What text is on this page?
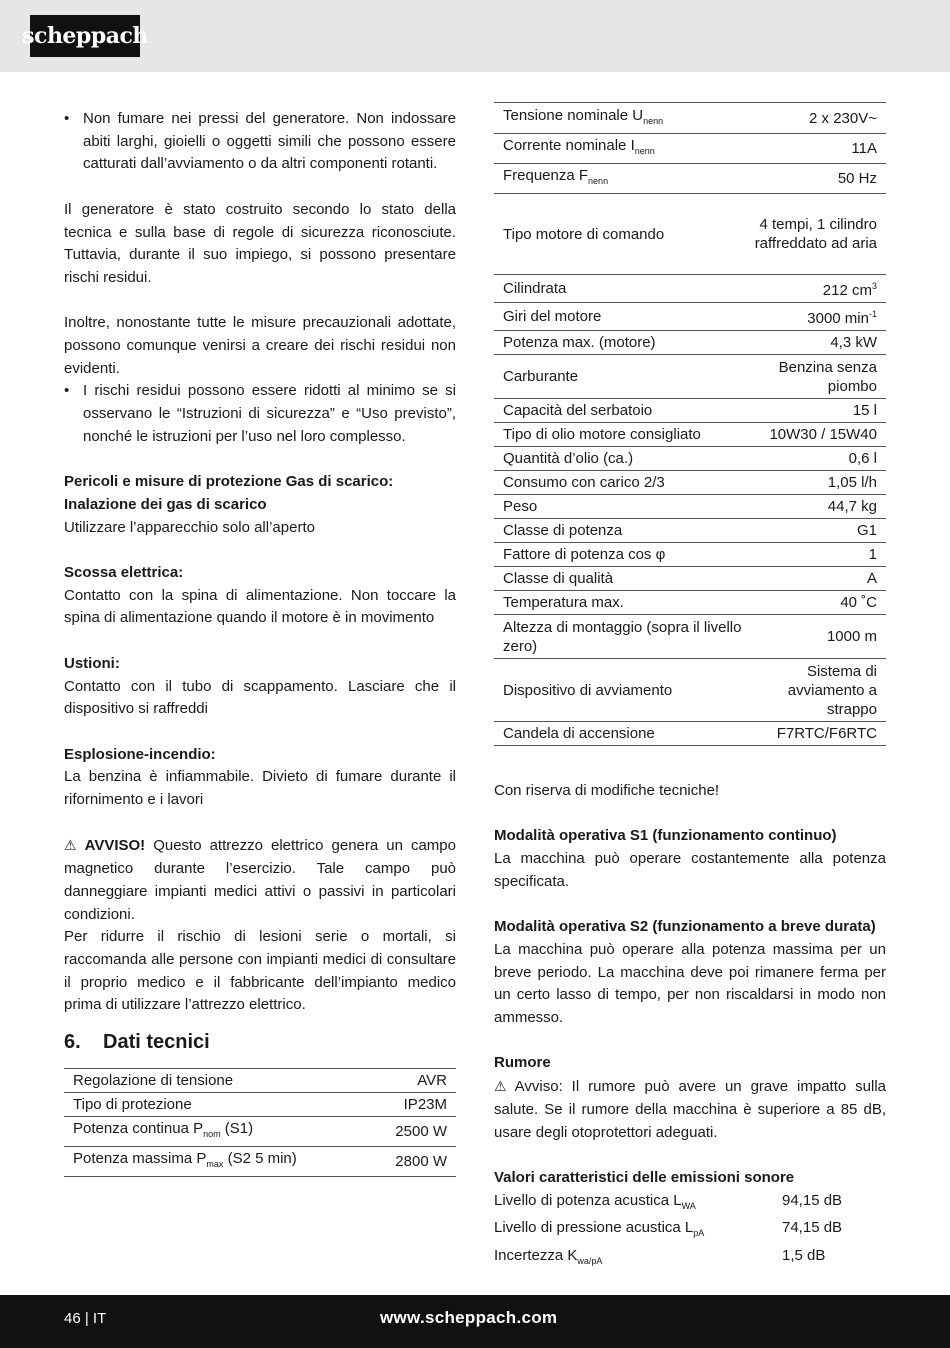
scheppach
• Non fumare nei pressi del generatore. Non indossare abiti larghi, gioielli o oggetti simili che possono essere catturati dall’avviamento o da altri componenti rotanti.

Il generatore è stato costruito secondo lo stato della tecnica e sulla base di regole di sicurezza riconosciute. Tuttavia, durante il suo impiego, si possono presentare rischi residui.

Inoltre, nonostante tutte le misure precauzionali adottate, possono comunque venirsi a creare dei rischi residui non evidenti.

• I rischi residui possono essere ridotti al minimo se si osservano le “Istruzioni di sicurezza” e “Uso previsto”, nonché le istruzioni per l’uso nel loro complesso.
Pericoli e misure di protezione Gas di scarico:
Inalazione dei gas di scarico

Utilizzare l’apparecchio solo all’aperto

Scossa elettrica:

Contatto con la spina di alimentazione. Non toccare la spina di alimentazione quando il motore è in movimento

Ustioni:

Contatto con il tubo di scappamento. Lasciare che il dispositivo si raffreddi

Esplosione-incendio:

La benzina è infiammabile. Divieto di fumare durante il rifornimento e i lavori

⚠ AVVISO! Questo attrezzo elettrico genera un campo magnetico durante l’esercizio. Tale campo può danneggiare impianti medici attivi o passivi in particolari condizioni.

Per ridurre il rischio di lesioni serie o mortali, si raccomanda alle persone con impianti medici di consultare il proprio medico e il fabbricante dell’impianto medico prima di utilizzare l’attrezzo elettrico.

6.	Dati tecnici
Regolazione di tensione	AVR
Tipo di protezione	IP23M
Potenza continua $P_{nom}$ (S1)	2500 W
Potenza massima $P_{max}$ (S2 5 min)	2800 W
Tensione nominale $U_{nenn}$	2 x 230V~
Corrente nominale $I_{nenn}$	11A
Frequenza $F_{nenn}$	50 Hz
Tipo motore di comando	4 tempi, 1 cilindro raffreddato ad aria
Cilindrata	212 $cm^3$
Giri del motore	3000 $\min^{-1}$
Potenza max. (motore)	4,3 kW
Carburante	Benzina senza piombo
Capacità del serbatoio	15 l
Tipo di olio motore consigliato	10W30 / 15W40
Quantità d’olio (ca.)	0,6 l
Consumo con carico 2/3	1,05 l/h
Peso	44,7 kg
Classe di potenza	G1
Fattore di potenza cos φ	1
Classe di qualità	A
Temperatura max.	40 ˚C
Altezza di montaggio (sopra il livello zero)	1000 m
Dispositivo di avviamento	Sistema di avviamento a strappo
Candela di accensione	F7RTC/F6RTC

Con riserva di modifiche tecniche!

Modalità operativa S1 (funzionamento continuo)

La macchina può operare costantemente alla potenza specificata.

Modalità operativa S2 (funzionamento a breve durata)

La macchina può operare alla potenza massima per un breve periodo. La macchina deve poi rimanere ferma per un certo lasso di tempo, per non riscaldarsi in modo non ammesso.

Rumore

⚠ Avviso: Il rumore può avere un grave impatto sulla salute. Se il rumore della macchina è superiore a 85 dB, usare degli otoprotettori adeguati.

Valori caratteristici delle emissioni sonore
Livello di potenza acustica $L_{WA}$	94,15 dB
Livello di pressione acustica $L_{pA}$	74,15 dB
Incertezza $K_{wa/pA}$	1,5 dB
46 | IT	www.scheppach.com
